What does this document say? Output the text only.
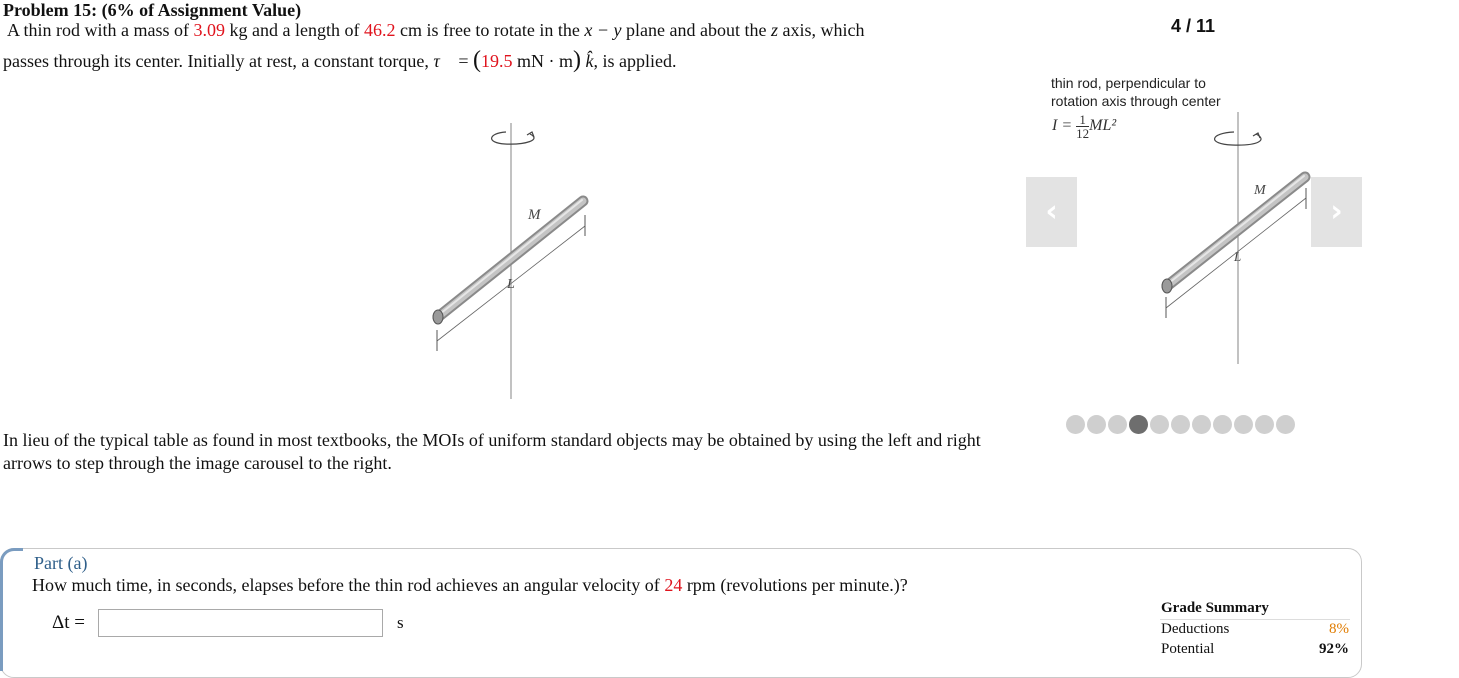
Problem 15: (6% of Assignment Value)
A thin rod with a mass of 3.09 kg and a length of 46.2 cm is free to rotate in the x − y plane and about the z axis, which
passes through its center. Initially at rest, a constant torque, τ⃗ = (19.5 mN · m) k̂, is applied.
M
L
In lieu of the typical table as found in most textbooks, the MOIs of uniform standard objects may be obtained by using the left and right arrows to step through the image carousel to the right.
4 / 11
thin rod, perpendicular to
rotation axis through center
$I = \frac{1}{12} ML^2$
M
L
‹	›
Part (a)
How much time, in seconds, elapses before the thin rod achieves an angular velocity of 24 rpm (revolutions per minute.)?
Δt =	s
Grade Summary
Deductions	8%
Potential	92%
